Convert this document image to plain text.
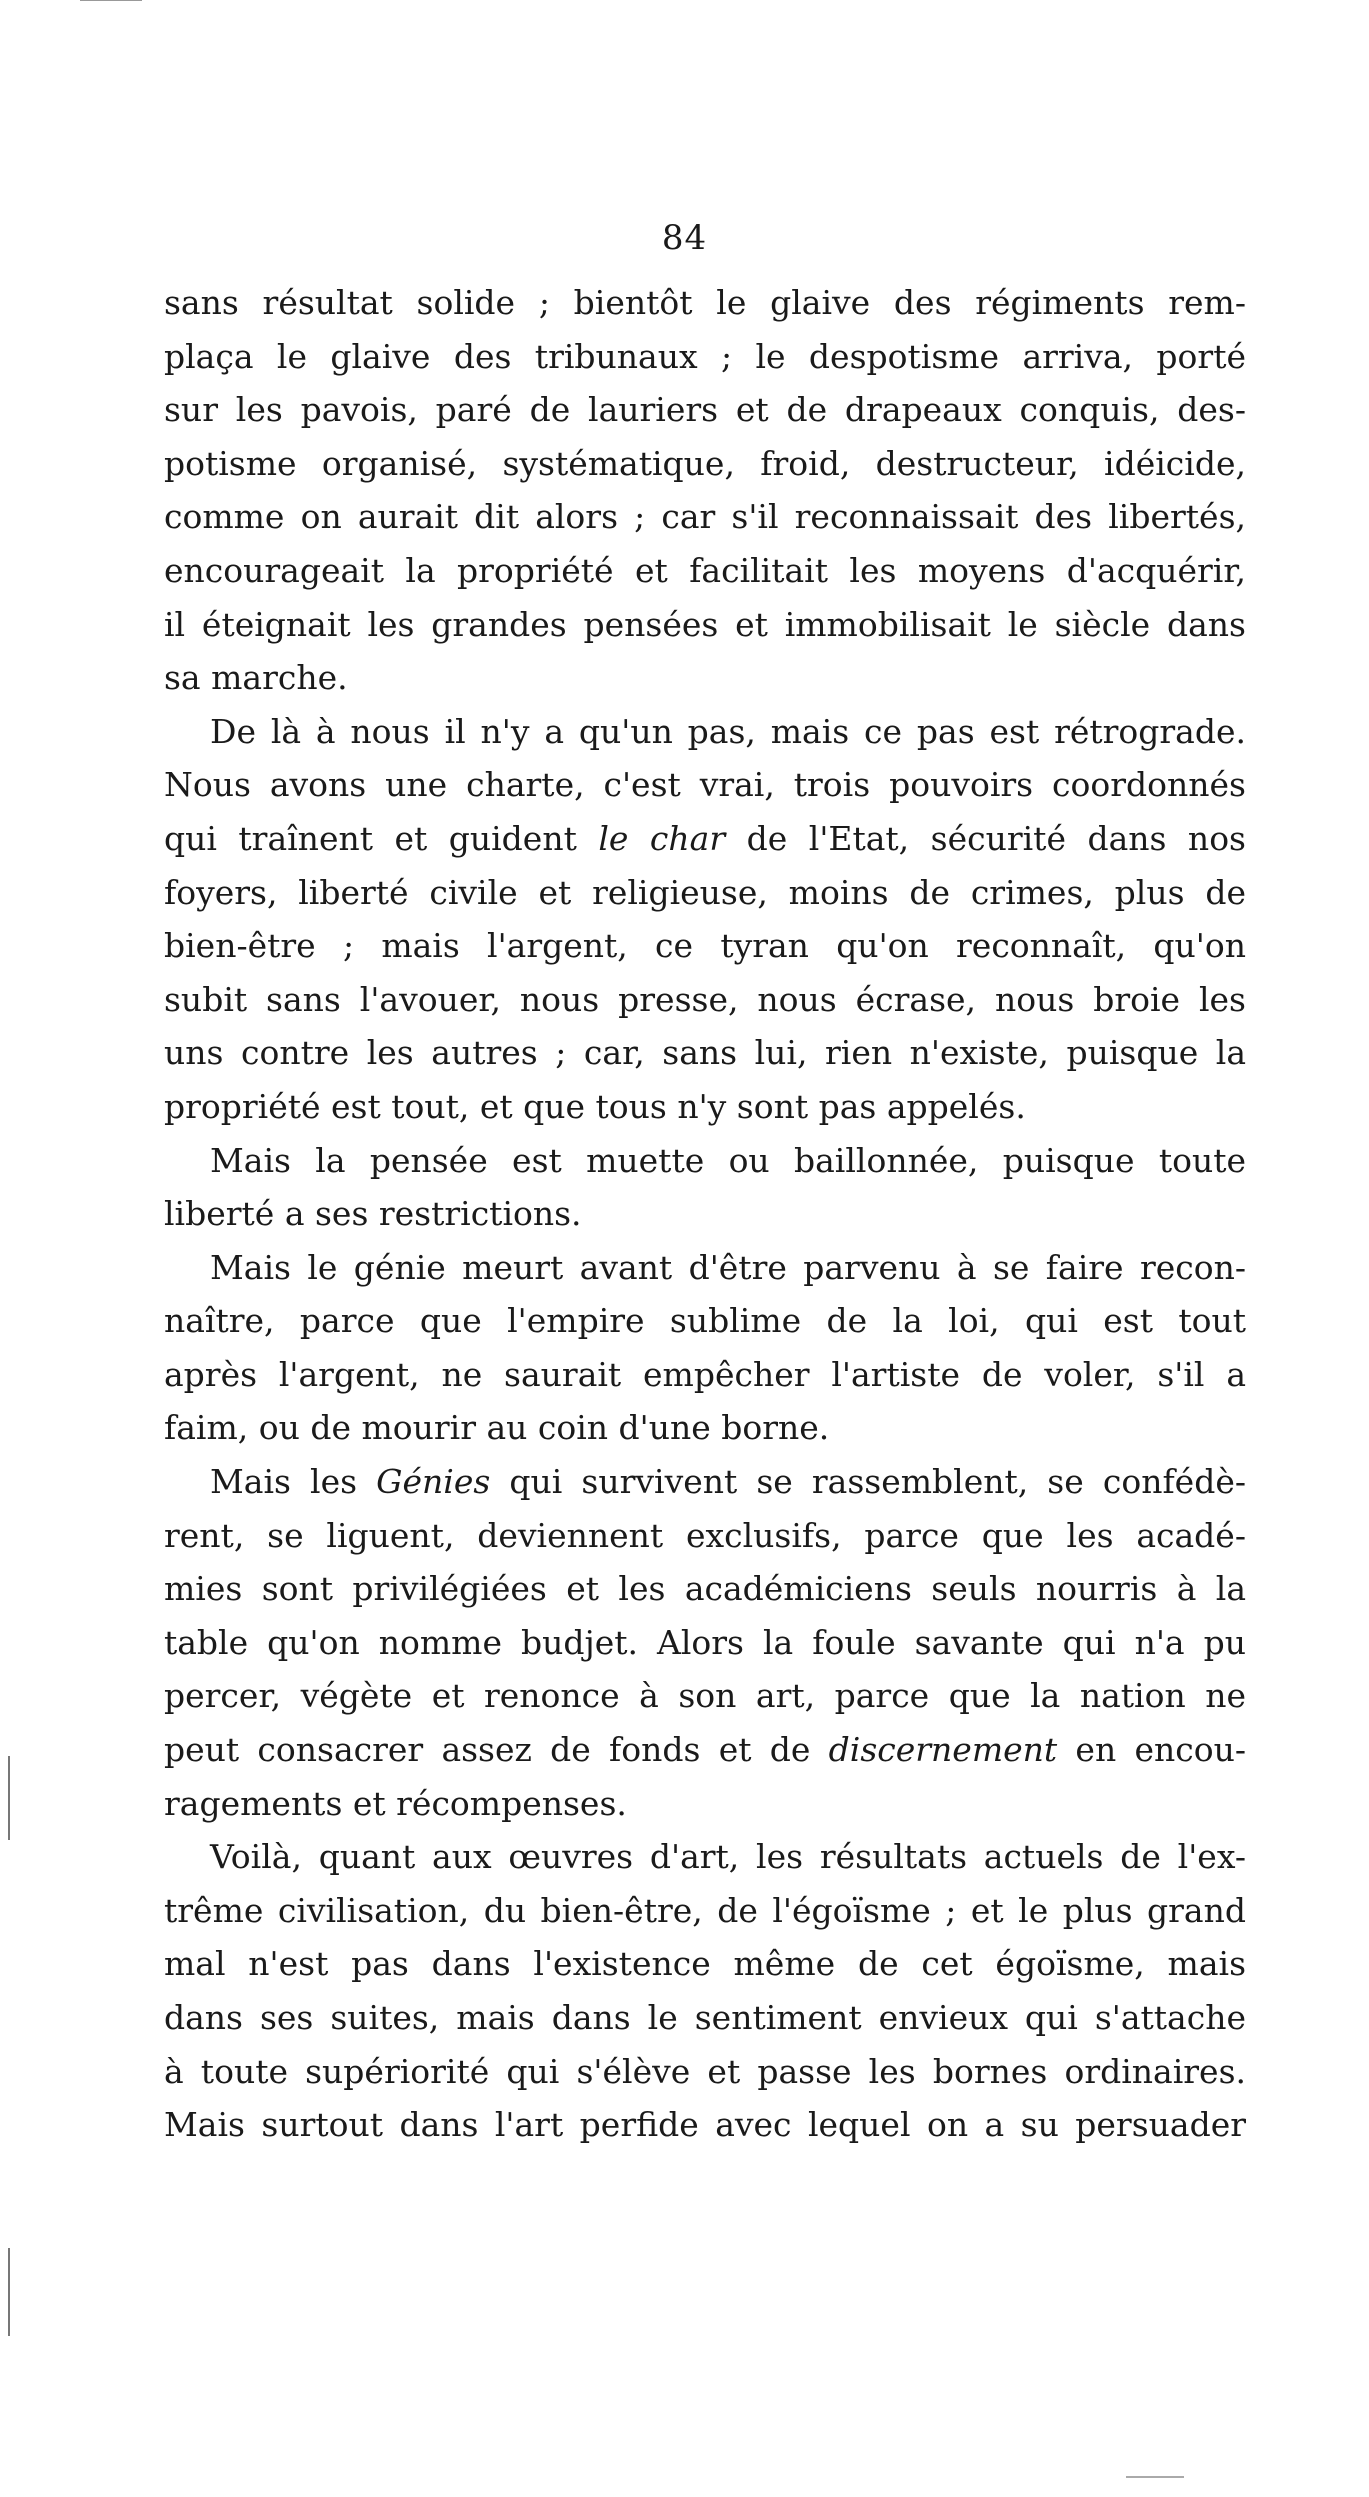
84
sans résultat solide ; bientôt le glaive des régiments rem-
plaça le glaive des tribunaux ; le despotisme arriva, porté
sur les pavois, paré de lauriers et de drapeaux conquis, des-
potisme organisé, systématique, froid, destructeur, idéicide,
comme on aurait dit alors ; car s'il reconnaissait des libertés,
encourageait la propriété et facilitait les moyens d'acquérir,
il éteignait les grandes pensées et immobilisait le siècle dans
sa marche.
De là à nous il n'y a qu'un pas, mais ce pas est rétrograde.
Nous avons une charte, c'est vrai, trois pouvoirs coordonnés
qui traînent et guident le char de l'Etat, sécurité dans nos
foyers, liberté civile et religieuse, moins de crimes, plus de
bien-être ; mais l'argent, ce tyran qu'on reconnaît, qu'on
subit sans l'avouer, nous presse, nous écrase, nous broie les
uns contre les autres ; car, sans lui, rien n'existe, puisque la
propriété est tout, et que tous n'y sont pas appelés.
Mais la pensée est muette ou baillonnée, puisque toute
liberté a ses restrictions.
Mais le génie meurt avant d'être parvenu à se faire recon-
naître, parce que l'empire sublime de la loi, qui est tout
après l'argent, ne saurait empêcher l'artiste de voler, s'il a
faim, ou de mourir au coin d'une borne.
Mais les Génies qui survivent se rassemblent, se confédè-
rent, se liguent, deviennent exclusifs, parce que les acadé-
mies sont privilégiées et les académiciens seuls nourris à la
table qu'on nomme budjet. Alors la foule savante qui n'a pu
percer, végète et renonce à son art, parce que la nation ne
peut consacrer assez de fonds et de discernement en encou-
ragements et récompenses.
Voilà, quant aux œuvres d'art, les résultats actuels de l'ex-
trême civilisation, du bien-être, de l'égoïsme ; et le plus grand
mal n'est pas dans l'existence même de cet égoïsme, mais
dans ses suites, mais dans le sentiment envieux qui s'attache
à toute supériorité qui s'élève et passe les bornes ordinaires.
Mais surtout dans l'art perfide avec lequel on a su persuader
